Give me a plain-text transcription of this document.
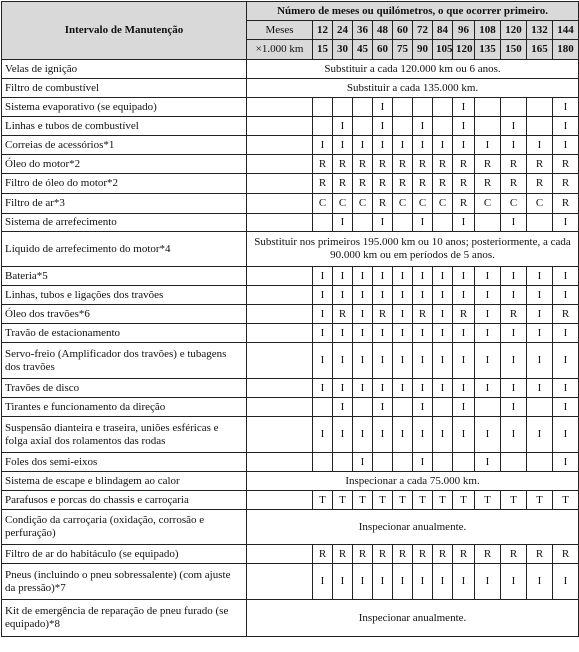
Intervalo de Manutenção	Número de meses ou quilómetros, o que ocorrer primeiro.												
	Meses	12	24	36	48	60	72	84	96	108	120	132	144
	×1.000 km	15	30	45	60	75	90	105	120	135	150	165	180
Velas de ignição	Substituir a cada 120.000 km ou 6 anos.												
Filtro de combustível	Substituir a cada 135.000 km.												
Sistema evaporativo (se equipado)					I				I				I
Linhas e tubos de combustível			I		I		I		I		I		I
Correias de acessórios*1		I	I	I	I	I	I	I	I	I	I	I	I
Óleo do motor*2		R	R	R	R	R	R	R	R	R	R	R	R
Filtro de óleo do motor*2		R	R	R	R	R	R	R	R	R	R	R	R
Filtro de ar*3		C	C	C	R	C	C	C	R	C	C	C	R
Sistema de arrefecimento			I		I		I		I		I		I
Líquido de arrefecimento do motor*4	Substituir nos primeiros 195.000 km ou 10 anos; posteriormente, a cada 90.000 km ou em períodos de 5 anos.												
Bateria*5		I	I	I	I	I	I	I	I	I	I	I	I
Linhas, tubos e ligações dos travões		I	I	I	I	I	I	I	I	I	I	I	I
Óleo dos travões*6		I	R	I	R	I	R	I	R	I	R	I	R
Travão de estacionamento		I	I	I	I	I	I	I	I	I	I	I	I
Servo-freio (Amplificador dos travões) e tubagens dos travões		I	I	I	I	I	I	I	I	I	I	I	I
Travões de disco		I	I	I	I	I	I	I	I	I	I	I	I
Tirantes e funcionamento da direção			I		I		I		I		I		I
Suspensão dianteira e traseira, uniões esféricas e folga axial dos rolamentos das rodas		I	I	I	I	I	I	I	I	I	I	I	I
Foles dos semi-eixos				I			I			I			I
Sistema de escape e blindagem ao calor	Inspecionar a cada 75.000 km.												
Parafusos e porcas do chassis e carroçaria		T	T	T	T	T	T	T	T	T	T	T	T
Condição da carroçaria (oxidação, corrosão e perfuração)	Inspecionar anualmente.												
Filtro de ar do habitáculo (se equipado)		R	R	R	R	R	R	R	R	R	R	R	R
Pneus (incluindo o pneu sobressalente) (com ajuste da pressão)*7		I	I	I	I	I	I	I	I	I	I	I	I
Kit de emergência de reparação de pneu furado (se equipado)*8	Inspecionar anualmente.												
